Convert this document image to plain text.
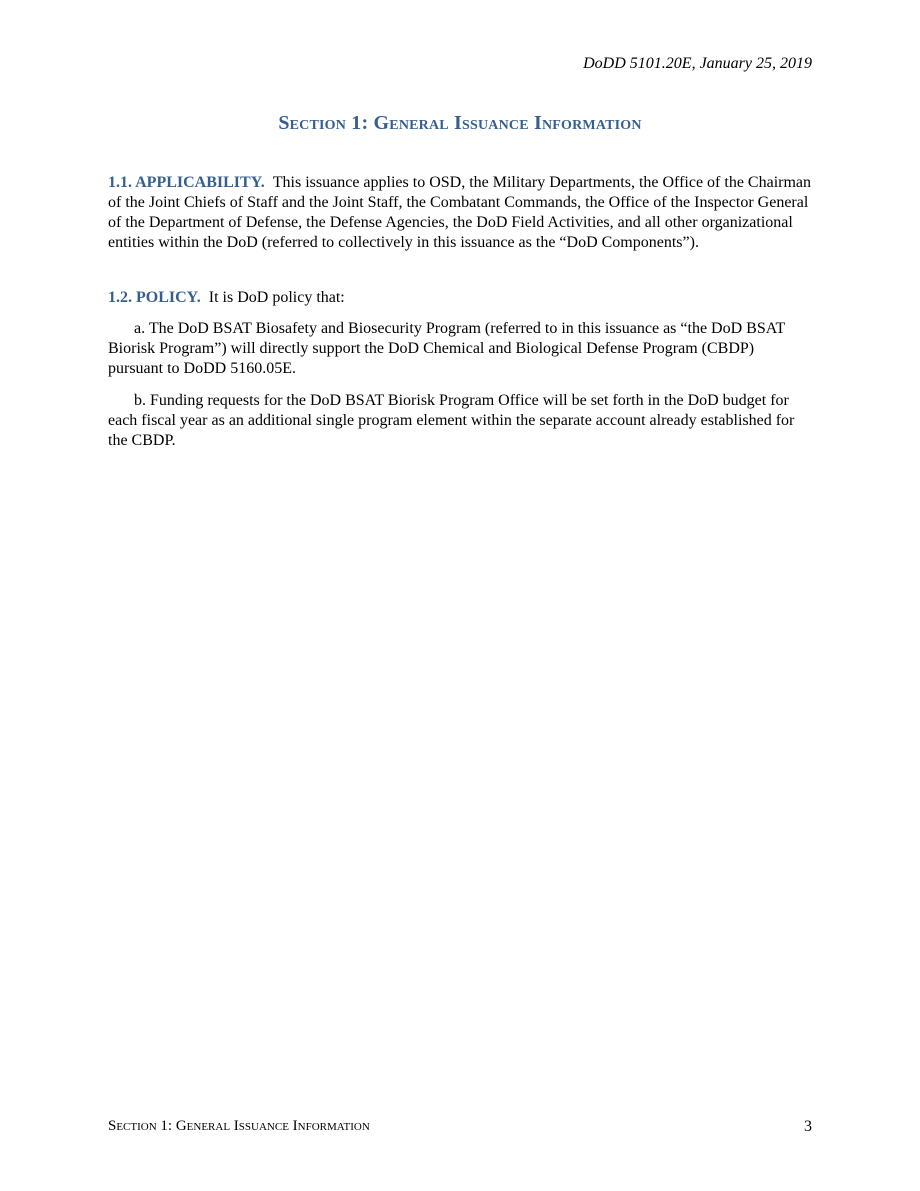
DoDD 5101.20E, January 25, 2019
Section 1: General Issuance Information

1.1. APPLICABILITY. This issuance applies to OSD, the Military Departments, the Office of the Chairman of the Joint Chiefs of Staff and the Joint Staff, the Combatant Commands, the Office of the Inspector General of the Department of Defense, the Defense Agencies, the DoD Field Activities, and all other organizational entities within the DoD (referred to collectively in this issuance as the “DoD Components”).

1.2. POLICY. It is DoD policy that:

a. The DoD BSAT Biosafety and Biosecurity Program (referred to in this issuance as “the DoD BSAT Biorisk Program”) will directly support the DoD Chemical and Biological Defense Program (CBDP) pursuant to DoDD 5160.05E.

b. Funding requests for the DoD BSAT Biorisk Program Office will be set forth in the DoD budget for each fiscal year as an additional single program element within the separate account already established for the CBDP.

Section 1: General Issuance Information	3
